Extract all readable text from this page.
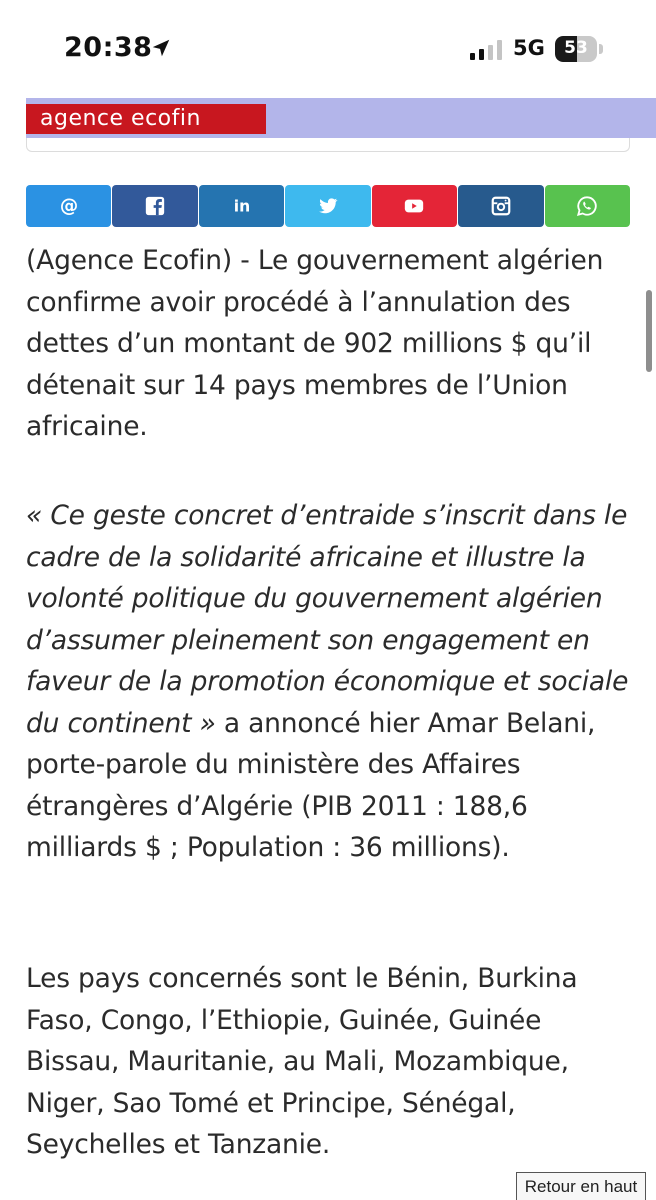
20:38	5G	53
agence ecofin
@	in
(Agence Ecofin) - Le gouvernement algérien confirme avoir procédé à l’annulation des dettes d’un montant de 902 millions $ qu’il détenait sur 14 pays membres de l’Union africaine.
« Ce geste concret d’entraide s’inscrit dans le cadre de la solidarité africaine et illustre la volonté politique du gouvernement algérien d’assumer pleinement son engagement en faveur de la promotion économique et sociale du continent » a annoncé hier Amar Belani, porte-parole du ministère des Affaires étrangères d’Algérie (PIB 2011 : 188,6 milliards $ ; Population : 36 millions).
Les pays concernés sont le Bénin, Burkina Faso, Congo, l’Ethiopie, Guinée, Guinée Bissau, Mauritanie, au Mali, Mozambique, Niger, Sao Tomé et Principe, Sénégal, Seychelles et Tanzanie.
Retour en haut
